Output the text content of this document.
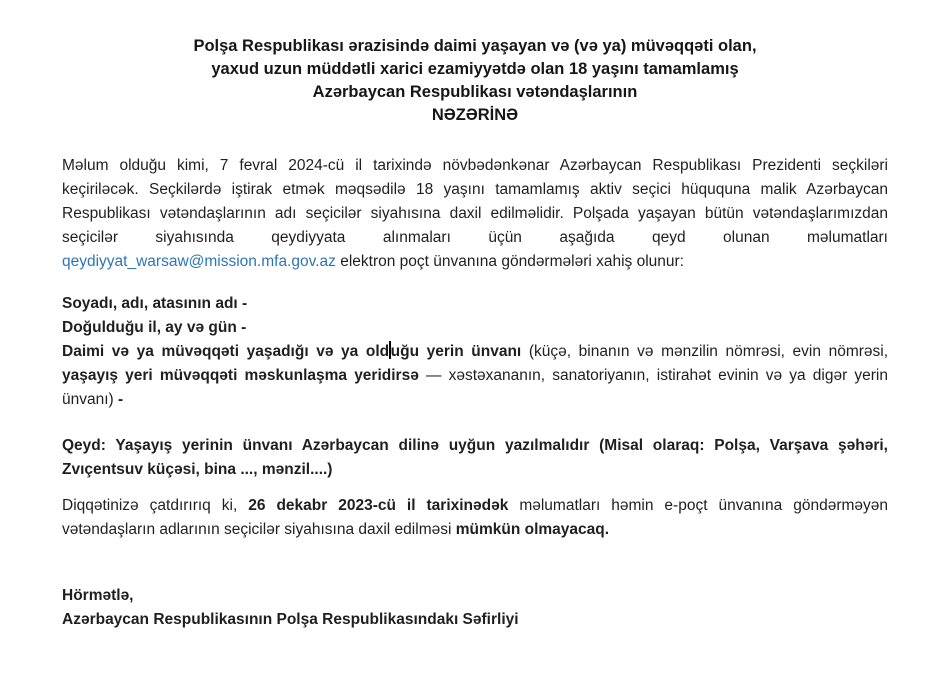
Polşa Respublikası ərazisində daimi yaşayan və (və ya) müvəqqəti olan,
yaxud uzun müddətli xarici ezamiyyətdə olan 18 yaşını tamamlamış
Azərbaycan Respublikası vətəndaşlarının
NƏZƏRİNƏ

Məlum olduğu kimi, 7 fevral 2024-cü il tarixində növbədənkənar Azərbaycan Respublikası Prezidenti seçkiləri keçiriləcək. Seçkilərdə iştirak etmək məqsədilə 18 yaşını tamamlamış aktiv seçici hüququna malik Azərbaycan Respublikası vətəndaşlarının adı seçicilər siyahısına daxil edilməlidir. Polşada yaşayan bütün vətəndaşlarımızdan seçicilər siyahısında qeydiyyata alınmaları üçün aşağıda qeyd olunan məlumatları qeydiyyat_warsaw@mission.mfa.gov.az elektron poçt ünvanına göndərmələri xahiş olunur:

Soyadı, adı, atasının adı -
Doğulduğu il, ay və gün -

Daimi və ya müvəqqəti yaşadığı və ya olduğu yerin ünvanı (küçə, binanın və mənzilin nömrəsi, evin nömrəsi, yaşayış yeri müvəqqəti məskunlaşma yeridirsə — xəstəxananın, sanatoriyanın, istirahət evinin və ya digər yerin ünvanı) -

Qeyd: Yaşayış yerinin ünvanı Azərbaycan dilinə uyğun yazılmalıdır (Misal olaraq: Polşa, Varşava şəhəri, Zvıçentsuv küçəsi, bina ..., mənzil....)

Diqqətinizə çatdırırıq ki, 26 dekabr 2023-cü il tarixinədək məlumatları həmin e-poçt ünvanına göndərməyən vətəndaşların adlarının seçicilər siyahısına daxil edilməsi mümkün olmayacaq.

Hörmətlə,
Azərbaycan Respublikasının Polşa Respublikasındakı Səfirliyi
